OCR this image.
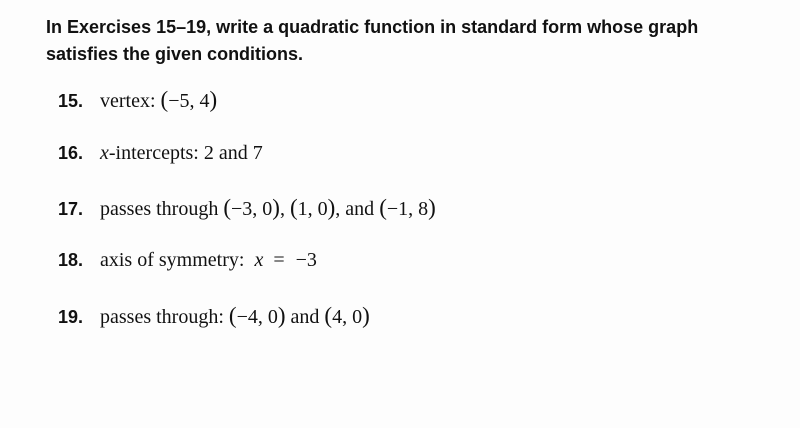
In Exercises 15–19, write a quadratic function in standard form whose graph
satisfies the given conditions.
15. vertex: (−5, 4)
16. x-intercepts: 2 and 7
17. passes through (−3, 0), (1, 0), and (−1, 8)
18. axis of symmetry: x = −3
19. passes through: (−4, 0) and (4, 0)
